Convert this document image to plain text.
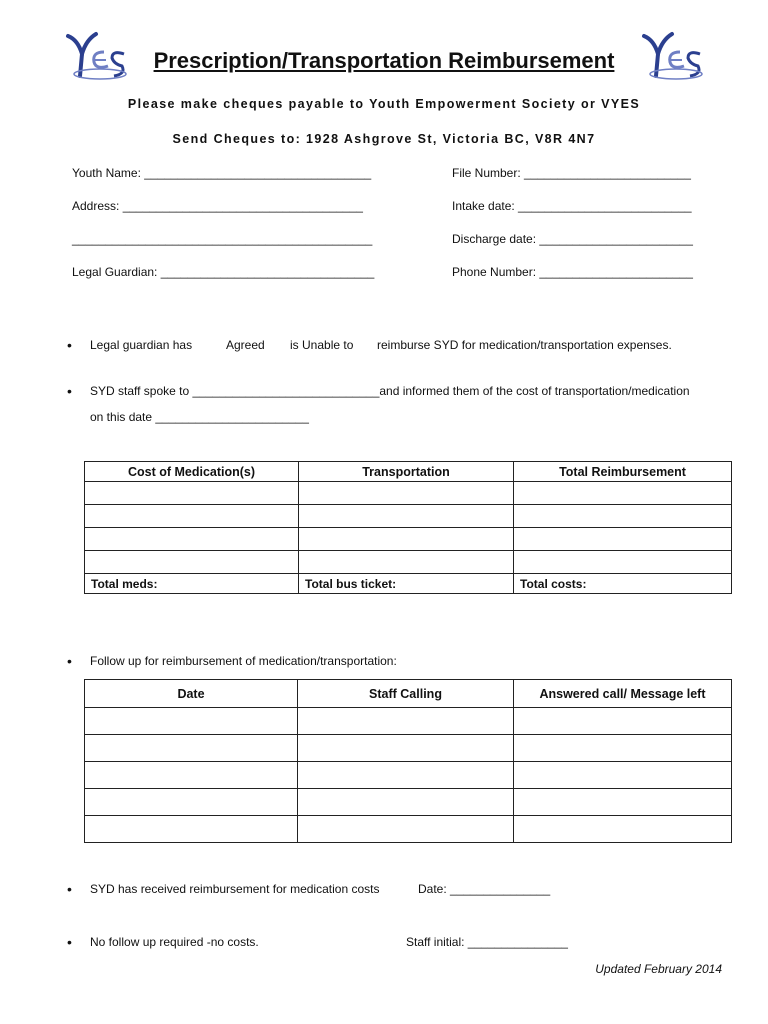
Prescription/Transportation Reimbursement
Please make cheques payable to Youth Empowerment Society or VYES
Send Cheques to: 1928 Ashgrove St, Victoria BC, V8R 4N7
Youth Name: __________________________________
Address: ____________________________________
_____________________________________________
Legal Guardian: ________________________________
File Number: _________________________
Intake date: __________________________
Discharge date: _______________________
Phone Number: _______________________
• Legal guardian has	Agreed is Unable to reimburse SYD for medication/transportation expenses.
• SYD staff spoke to ____________________________and informed them of the cost of transportation/medication
on this date _______________________
Cost of Medication(s)	Transportation	Total Reimbursement

Total meds:	Total bus ticket:	Total costs:
• Follow up for reimbursement of medication/transportation:
Date	Staff Calling	Answered call/ Message left

• SYD has received reimbursement for medication costs	Date: _______________
• No follow up required -no costs.	Staff initial: _______________
Updated February 2014
